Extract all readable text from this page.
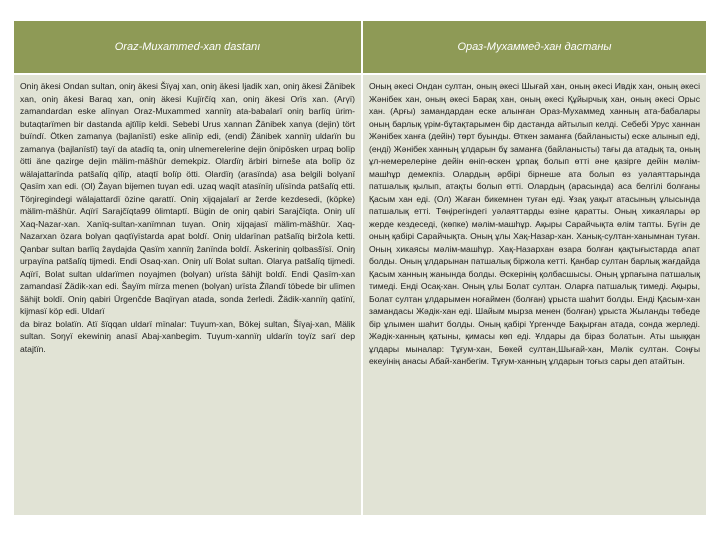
Oraz-Muxammed-xan dastanı	Ораз-Мухаммед-хан дастаны

Oniŋ äkesi Ondan sultan, oniŋ äkesi Šïγaj xan, oniŋ äkesi Ijadik xan, oniŋ äkesi Žänibek xan, oniŋ äkesi Baraq xan, oniŋ äkesi Kujïrčïq xan, oniŋ äkesi Orïs xan. (Arγï) zamandardan eske alïnγan Oraz-Muxammed xannïŋ ata-babalarï oniŋ barlïq ürim-butaqtarïmen bir dastanda ajtïlïp keldi. Sebebi Urus xannan Žänibek xanγa (dejin) tört buïndï. Ötken zamanγa (bajlanïstï) eske alïnïp edi, (endi) Žänibek xannïŋ uldarïn bu zamanγa (bajlanïstï) tayï da atadïq ta, oniŋ ulnemerelerine dejin önipösken urpaq bolïp ötti äne qazirge dejin mälim-mäšhür demekpiz. Olardïŋ ärbiri birneše ata bolïp öz wälajattarïnda patšalïq qïlïp, ataqtï bolïp ötti. Olardïŋ (arasïnda) asa belgili bolγanï Qasïm xan edi. (Ol) Žayan bijemen tuγan edi. uzaq waqït atasïnïŋ ulïsïnda patšalïq etti. Töŋiregindegi wälajattardï özine qarattï. Oniŋ xijqajalarï ar žerde kezdesedi, (köpke) mälim-mäšhür. Aqïrï Sarajčïqta99 ölimtaptï. Bügin de oniŋ qabiri Sarajčïqta. Oniŋ ulï Xaq-Nazar-xan. Xanïq-sultan-xanïmnan tuγan. Oniŋ xijqajasï mälim-mäšhür. Xaq-Nazarxan özara bolγan qaqtïγïstarda apat boldï. Oniŋ uldarïnan patšalïq biržola ketti. Qanbar sultan barlïq žaγdajda Qasïm xannïŋ žanïnda boldï. Äskeriniŋ qolbasšïsï. Oniŋ urpaγïna patšalïq tijmedi. Endi Osaq-xan. Oniŋ ulï Bolat sultan. Olarγa patšalïq tijmedi. Aqïrï, Bolat sultan uldarïmen noyajmen (bolγan) urïsta šähijt boldï. Endi Qasïm-xan zamandasï Žädik-xan edi. Šayïm mïrza menen (bolγan) urïsta Žïlandï töbede bir ulïmen šähijt boldï. Oniŋ qabiri Ürgenčde Baqïrγan atada, sonda žerledi. Žädik-xannïŋ qatïnï, kijmasï köp edi. Uldarï
da biraz bolatïn. Atï šïqqan uldarï mïnalar: Tuγum-xan, Bökej sultan, Šïγaj-xan, Mälik sultan. Soŋγï ekewiniŋ anasï Abaj-xanbegim. Tuγum-xannïŋ uldarïn toγïz sarï dep atajtïn.

Оның әкесі Ондан султан, оның әкесі Шығай хан, оның әкесі Ивдік хан, оның әкесі Жәнібек хан, оның әкесі Барақ хан, оның әкесі Құйырчық хан, оның әкесі Орыс хан. (Арғы) замандардан еске алынған Ораз-Мухаммед ханның ата-бабалары оның барлық үрім-бұтақтарымен бір дастанда айтылып келді. Себебі Урус ханнан Жәнібек ханға (дейін) төрт буынды. Өткен заманға (байланысты) еске алынып еді, (енді) Жәнібек ханның ұлдарын бұ заманға (байланысты) тағы да атадық та, оның ұл-немерелеріне дейін өніп-өскен ұрпақ болып өтті әне қазірге дейін мәлім-машһұр демекпіз. Олардың әрбірі бірнеше ата болып өз уәлаяттарында патшалық қылып, атақты болып өтті. Олардың (арасында) аса белгілі болғаны Қасым хан еді. (Ол) Жаған бикемнен туған еді. Ұзақ уақыт атасының ұлысында патшалық етті. Төңірегіндегі уәлаяттарды өзіне қаратты. Оның хикаялары әр жерде кездеседі, (көпке) мәлім-машһұр. Ақыры Сарайчықта өлім тапты. Бүгін де оның қабірі Сарайчықта. Оның ұлы Хақ-Назар-хан. Ханық-султан-ханымнан туған. Оның хикаясы мәлім-машһұр. Хақ-Назархан өзара болған қақтығыстарда апат болды. Оның ұлдарынан патшалық біржола кетті. Қанбар султан барлық жағдайда Қасым ханның жанында болды. Әскерінің қолбасшысы. Оның ұрпағына патшалық тимеді. Енді Осақ-хан. Оның ұлы Болат султан. Оларға патшалық тимеді. Ақыры, Болат султан ұлдарымен ноғаймен (болған) ұрыста шаһит болды. Енді Қасым-хан замандасы Жәдік-хан еді. Шайым мырза менен (болған) ұрыста Жыланды төбеде бір ұлымен шаһит болды. Оның қабірі Үргенчде Бақырған атада, сонда жерледі. Жәдік-ханның қатыны, қимасы көп еді. Ұлдары да біраз болатын. Аты шыққан ұлдары мыналар: Тұғум-хан, Бөкей султан,Шығай-хан, Мәлік султан. Соңғы екеуінің анасы Абай-ханбегім. Тұғум-ханның ұлдарын тоғыз сары деп атайтын.
